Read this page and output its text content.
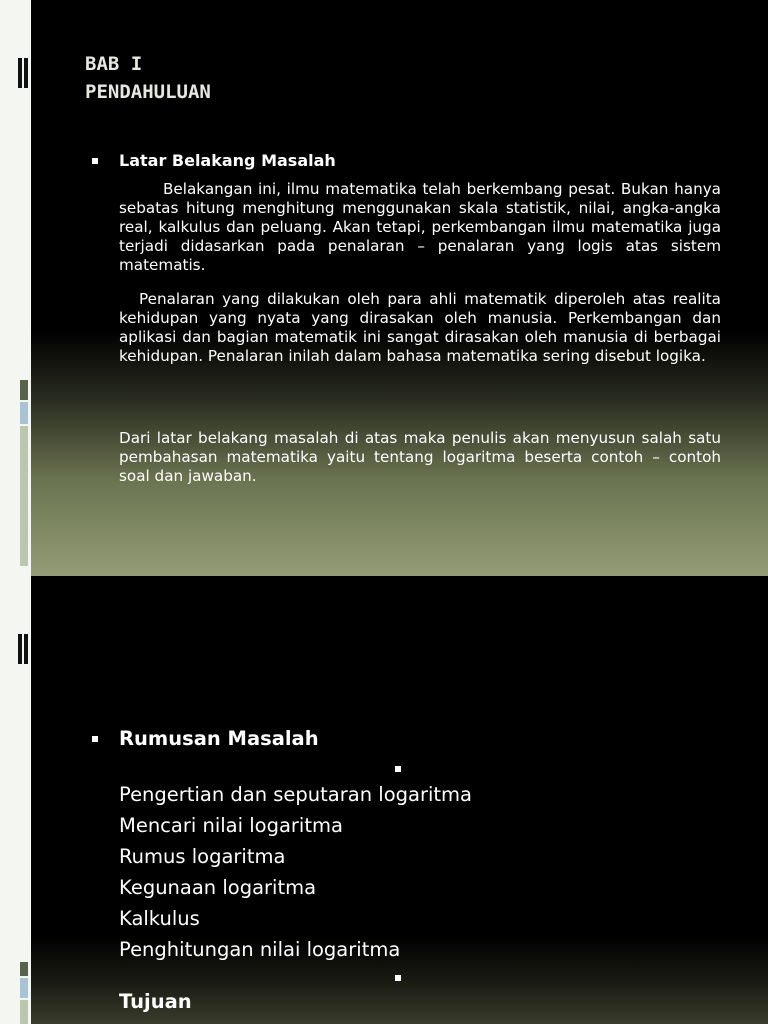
BAB I
PENDAHULUAN
Latar Belakang Masalah

Belakangan ini, ilmu matematika telah berkembang pesat. Bukan hanya sebatas hitung menghitung menggunakan skala statistik, nilai, angka-angka real, kalkulus dan peluang. Akan tetapi, perkembangan ilmu matematika juga terjadi didasarkan pada penalaran – penalaran yang logis atas sistem matematis.

Penalaran yang dilakukan oleh para ahli matematik diperoleh atas realita kehidupan yang nyata yang dirasakan oleh manusia. Perkembangan dan aplikasi dan bagian matematik ini sangat dirasakan oleh manusia di berbagai kehidupan. Penalaran inilah dalam bahasa matematika sering disebut logika.

Dari latar belakang masalah di atas maka penulis akan menyusun salah satu pembahasan matematika yaitu tentang logaritma beserta contoh – contoh soal dan jawaban.

Rumusan Masalah
Pengertian dan seputaran logaritma
Mencari nilai logaritma
Rumus logaritma
Kegunaan logaritma
Kalkulus
Penghitungan nilai logaritma
Tujuan
